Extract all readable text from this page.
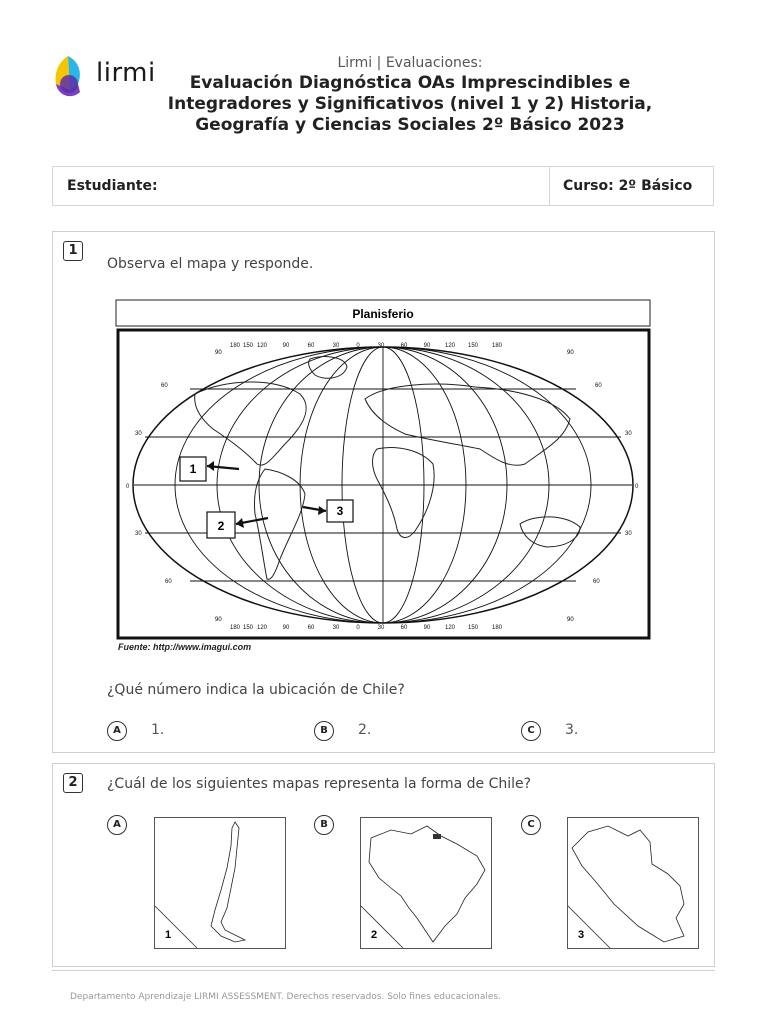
lirmi	Lirmi | Evaluaciones:
Evaluación Diagnóstica OAs Imprescindibles e Integradores y Significativos (nivel 1 y 2) Historia, Geografía y Ciencias Sociales 2º Básico 2023
Estudiante:	Curso: 2º Básico
1
Observa el mapa y responde.
Planisferio
180 150 120	90	60	30	0	30	60	90 120 150 180
180 150 120	90	60	30	0	30	60	90 120 150 180
90	90
90	90
60
30
0
30
60
60
30
0
30
60
1
2
3
Fuente: http://www.imagui.com
¿Qué número indica la ubicación de Chile?
A	1.	B	2.	C	3.
2	¿Cuál de los siguientes mapas representa la forma de Chile?
A
1
B
2
C
3
Departamento Aprendizaje LIRMI ASSESSMENT. Derechos reservados. Solo fines educacionales.
